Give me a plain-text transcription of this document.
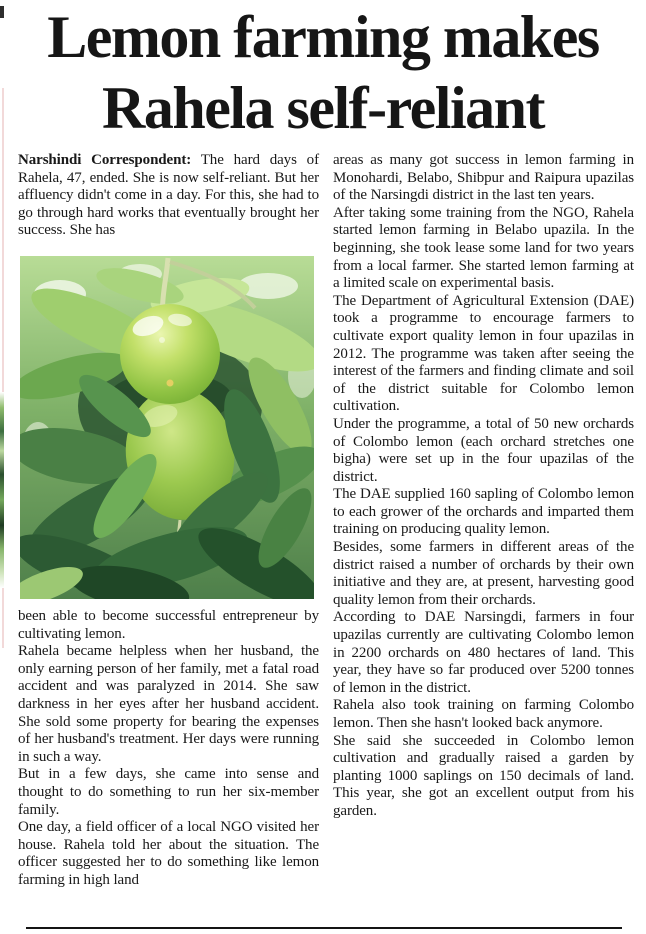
Lemon farming makes
Rahela self-reliant

Narshindi Correspondent: The hard days of Rahela, 47, ended. She is now self-reliant. But her affluency didn't come in a day. For this, she had to go through hard works that eventually brought her success. She has

been able to become successful entrepreneur by cultivating lemon.

Rahela became helpless when her husband, the only earning person of her family, met a fatal road accident and was paralyzed in 2014. She saw darkness in her eyes after her husband accident. She sold some property for bearing the expenses of her husband's treatment. Her days were running in such a way.

But in a few days, she came into sense and thought to do something to run her six-member family.

One day, a field officer of a local NGO visited her house. Rahela told her about the situation. The officer suggested her to do something like lemon farming in high land

areas as many got success in lemon farming in Monohardi, Belabo, Shibpur and Raipura upazilas of the Narsingdi district in the last ten years.

After taking some training from the NGO, Rahela started lemon farming in Belabo upazila. In the beginning, she took lease some land for two years from a local farmer. She started lemon farming at a limited scale on experimental basis.

The Department of Agricultural Extension (DAE) took a programme to encourage farmers to cultivate export quality lemon in four upazilas in 2012. The programme was taken after seeing the interest of the farmers and finding climate and soil of the district suitable for Colombo lemon cultivation.

Under the programme, a total of 50 new orchards of Colombo lemon (each orchard stretches one bigha) were set up in the four upazilas of the district.

The DAE supplied 160 sapling of Colombo lemon to each grower of the orchards and imparted them training on producing quality lemon.

Besides, some farmers in different areas of the district raised a number of orchards by their own initiative and they are, at present, harvesting good quality lemon from their orchards.

According to DAE Narsingdi, farmers in four upazilas currently are cultivating Colombo lemon in 2200 orchards on 480 hectares of land. This year, they have so far produced over 5200 tonnes of lemon in the district.

Rahela also took training on farming Colombo lemon. Then she hasn't looked back anymore.

She said she succeeded in Colombo lemon cultivation and gradually raised a garden by planting 1000 saplings on 150 decimals of land. This year, she got an excellent output from his garden.
